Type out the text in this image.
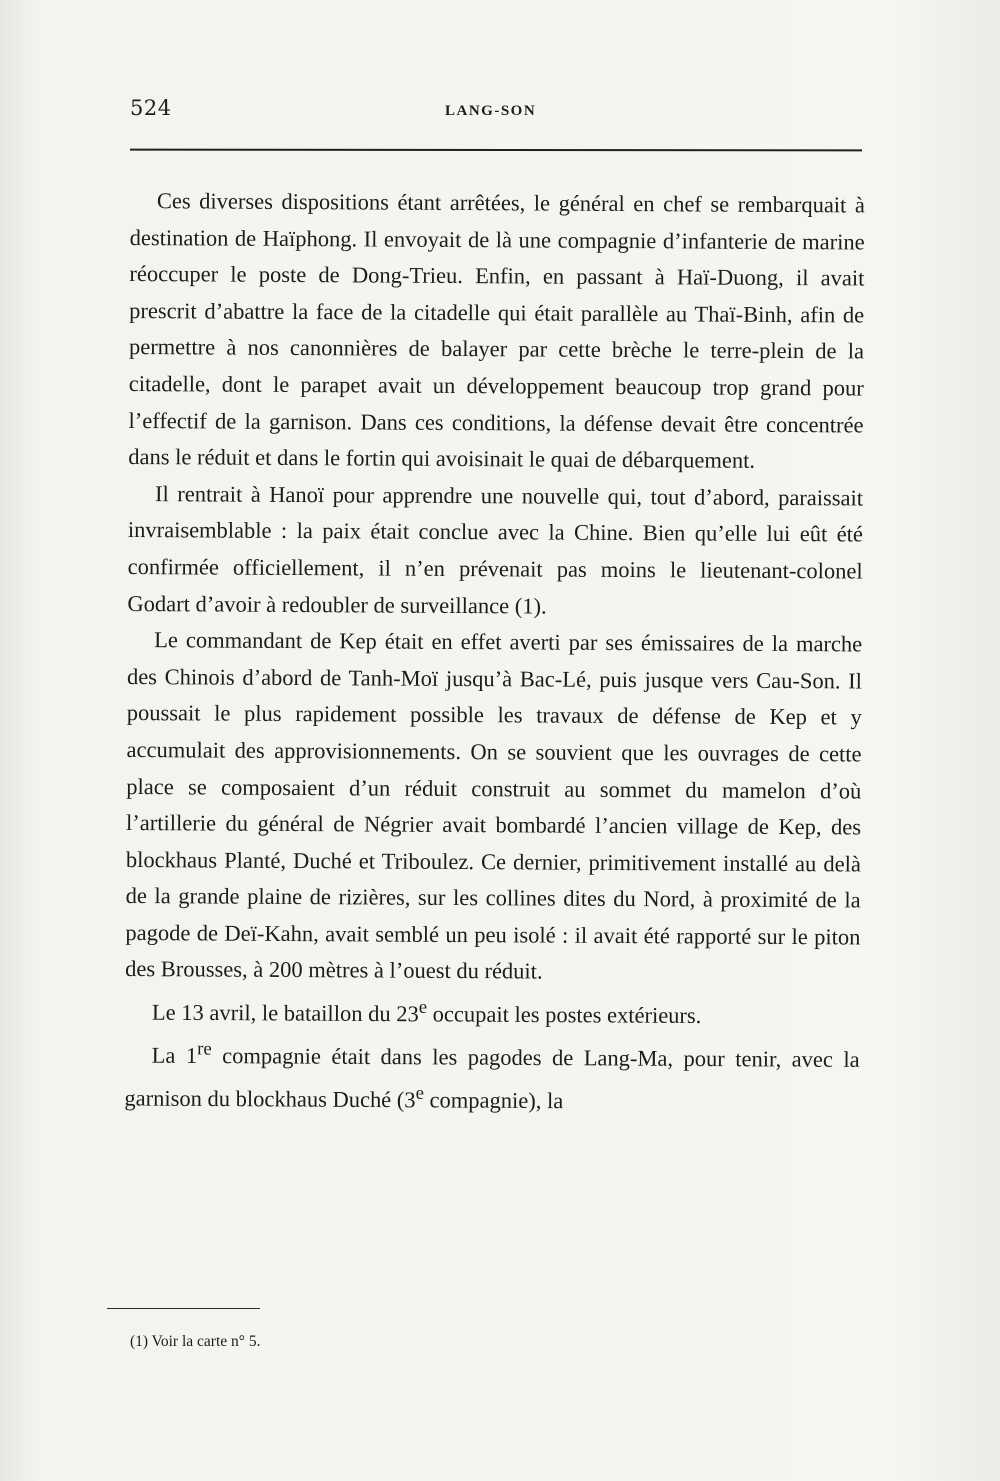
524	LANG-SON

Ces diverses dispositions étant arrêtées, le général en chef se rembarquait à destination de Haïphong. Il envoyait de là une compagnie d’infanterie de marine réoccuper le poste de Dong-Trieu. Enfin, en passant à Haï-Duong, il avait prescrit d’abattre la face de la citadelle qui était parallèle au Thaï-Binh, afin de permettre à nos canonnières de balayer par cette brèche le terre-plein de la citadelle, dont le parapet avait un développement beaucoup trop grand pour l’effectif de la garnison. Dans ces conditions, la défense devait être concentrée dans le réduit et dans le fortin qui avoisinait le quai de débarquement.

Il rentrait à Hanoï pour apprendre une nouvelle qui, tout d’abord, paraissait invraisemblable : la paix était conclue avec la Chine. Bien qu’elle lui eût été confirmée officiellement, il n’en prévenait pas moins le lieutenant-colonel Godart d’avoir à redoubler de surveillance (1).

Le commandant de Kep était en effet averti par ses émissaires de la marche des Chinois d’abord de Tanh-Moï jusqu’à Bac-Lé, puis jusque vers Cau-Son. Il poussait le plus rapidement possible les travaux de défense de Kep et y accumulait des approvisionnements. On se souvient que les ouvrages de cette place se composaient d’un réduit construit au sommet du mamelon d’où l’artillerie du général de Négrier avait bombardé l’ancien village de Kep, des blockhaus Planté, Duché et Triboulez. Ce dernier, primitivement installé au delà de la grande plaine de rizières, sur les collines dites du Nord, à proximité de la pagode de Deï-Kahn, avait semblé un peu isolé : il avait été rapporté sur le piton des Brousses, à 200 mètres à l’ouest du réduit.

Le 13 avril, le bataillon du 23e occupait les postes extérieurs.

La 1re compagnie était dans les pagodes de Lang-Ma, pour tenir, avec la garnison du blockhaus Duché (3e compagnie), la

(1) Voir la carte n° 5.
